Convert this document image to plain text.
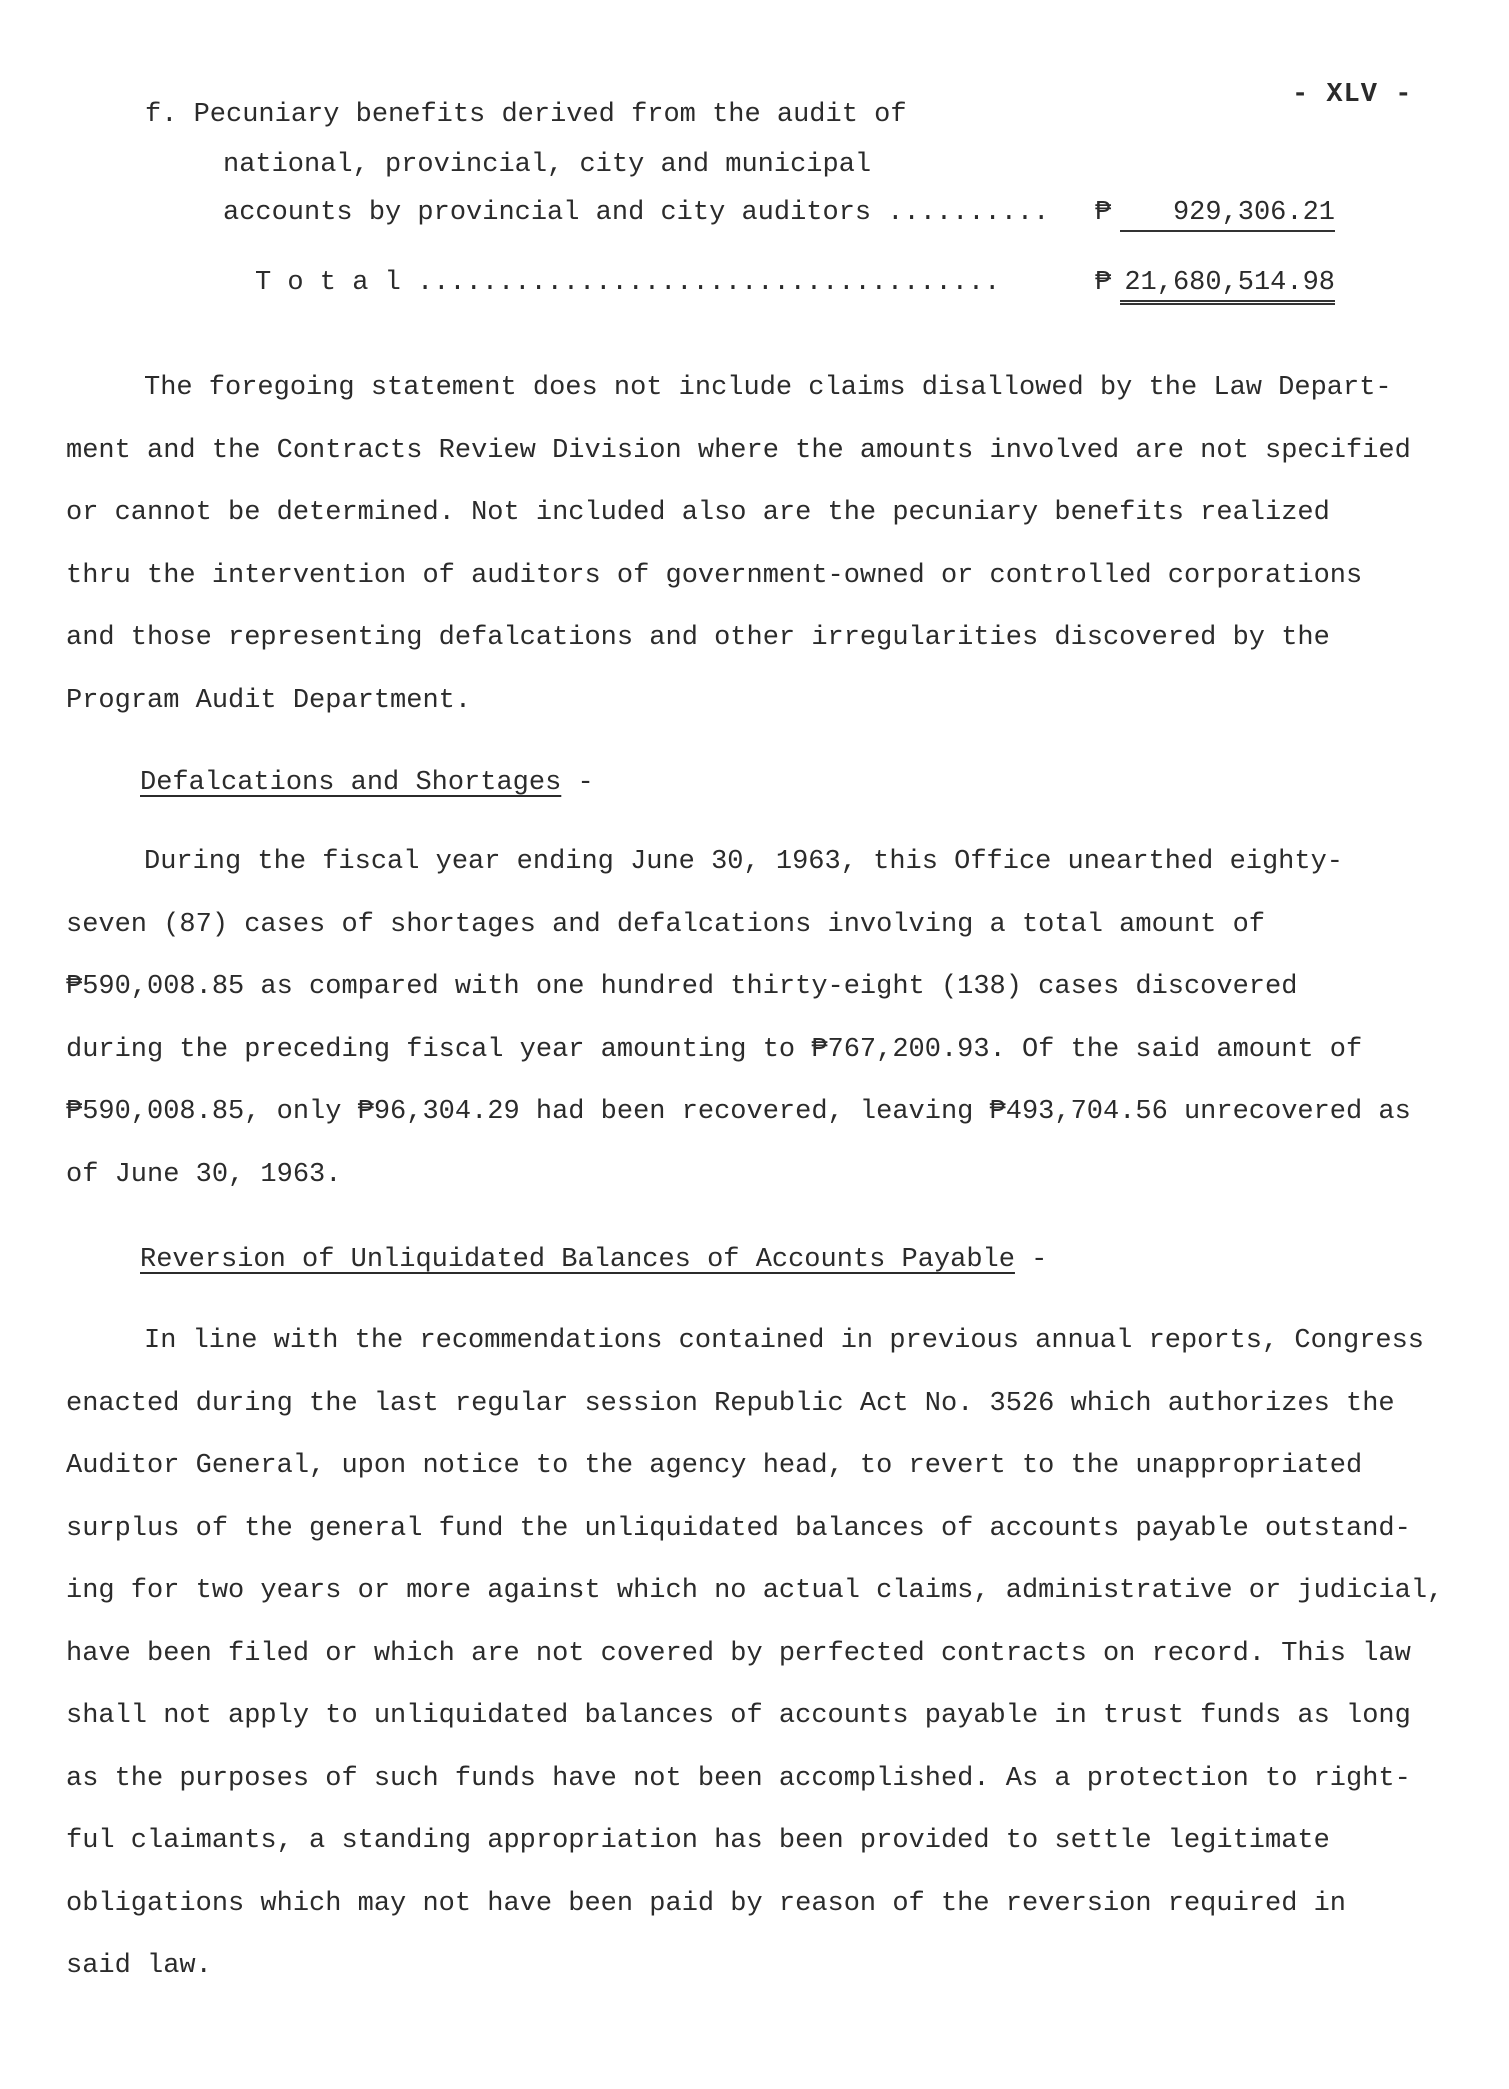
- XLV -
f. Pecuniary benefits derived from the audit of
national, provincial, city and municipal
accounts by provincial and city auditors .......... ₱	929,306.21
T o t a l ....................................	₱ 21,680,514.98
The foregoing statement does not include claims disallowed by the Law Depart-
ment and the Contracts Review Division where the amounts involved are not specified
or cannot be determined. Not included also are the pecuniary benefits realized
thru the intervention of auditors of government-owned or controlled corporations
and those representing defalcations and other irregularities discovered by the
Program Audit Department.
Defalcations and Shortages -
During the fiscal year ending June 30, 1963, this Office unearthed eighty-
seven (87) cases of shortages and defalcations involving a total amount of
₱590,008.85 as compared with one hundred thirty-eight (138) cases discovered
during the preceding fiscal year amounting to ₱767,200.93. Of the said amount of
₱590,008.85, only ₱96,304.29 had been recovered, leaving ₱493,704.56 unrecovered as
of June 30, 1963.
Reversion of Unliquidated Balances of Accounts Payable -
In line with the recommendations contained in previous annual reports, Congress
enacted during the last regular session Republic Act No. 3526 which authorizes the
Auditor General, upon notice to the agency head, to revert to the unappropriated
surplus of the general fund the unliquidated balances of accounts payable outstand-
ing for two years or more against which no actual claims, administrative or judicial,
have been filed or which are not covered by perfected contracts on record. This law
shall not apply to unliquidated balances of accounts payable in trust funds as long
as the purposes of such funds have not been accomplished. As a protection to right-
ful claimants, a standing appropriation has been provided to settle legitimate
obligations which may not have been paid by reason of the reversion required in
said law.
